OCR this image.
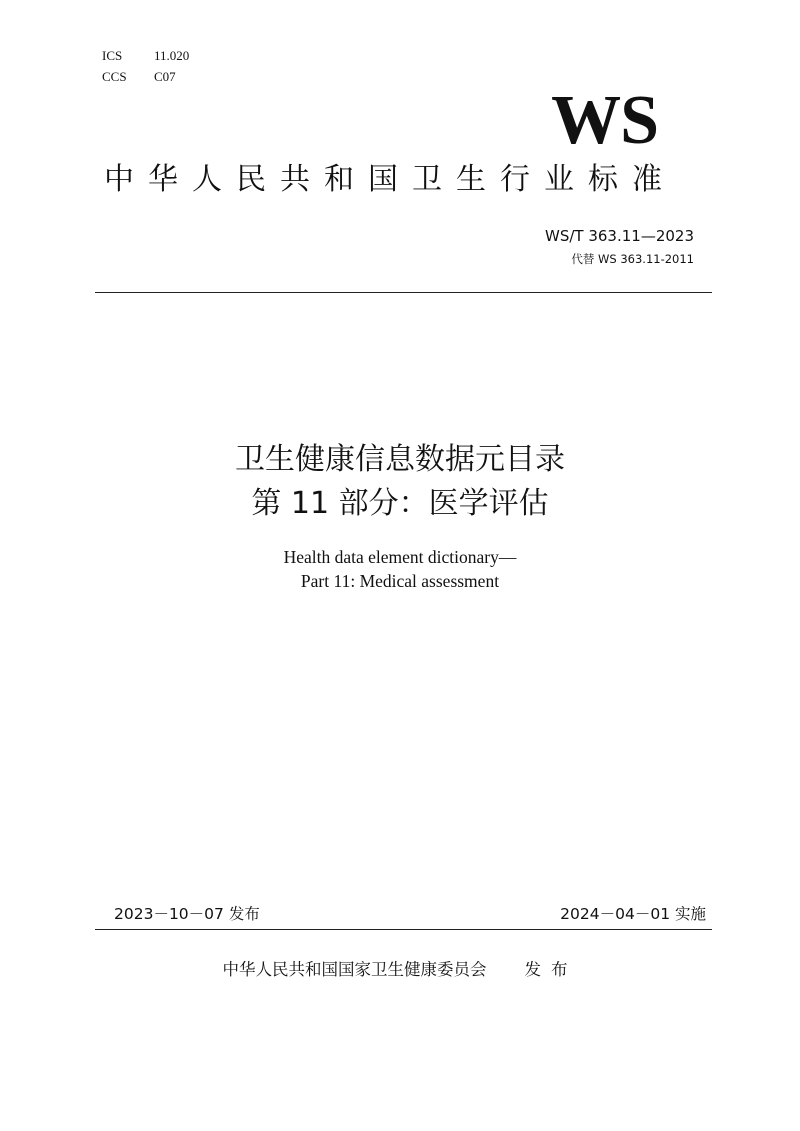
ICS 11.020
CCS C07
WS
中华人民共和国卫生行业标准
WS/T 363.11—2023
代替 WS 363.11-2011
卫生健康信息数据元目录
第 11 部分：医学评估
Health data element dictionary—
Part 11: Medical assessment
2023－10－07 发布	2024－04－01 实施
中华人民共和国国家卫生健康委员会 发布
